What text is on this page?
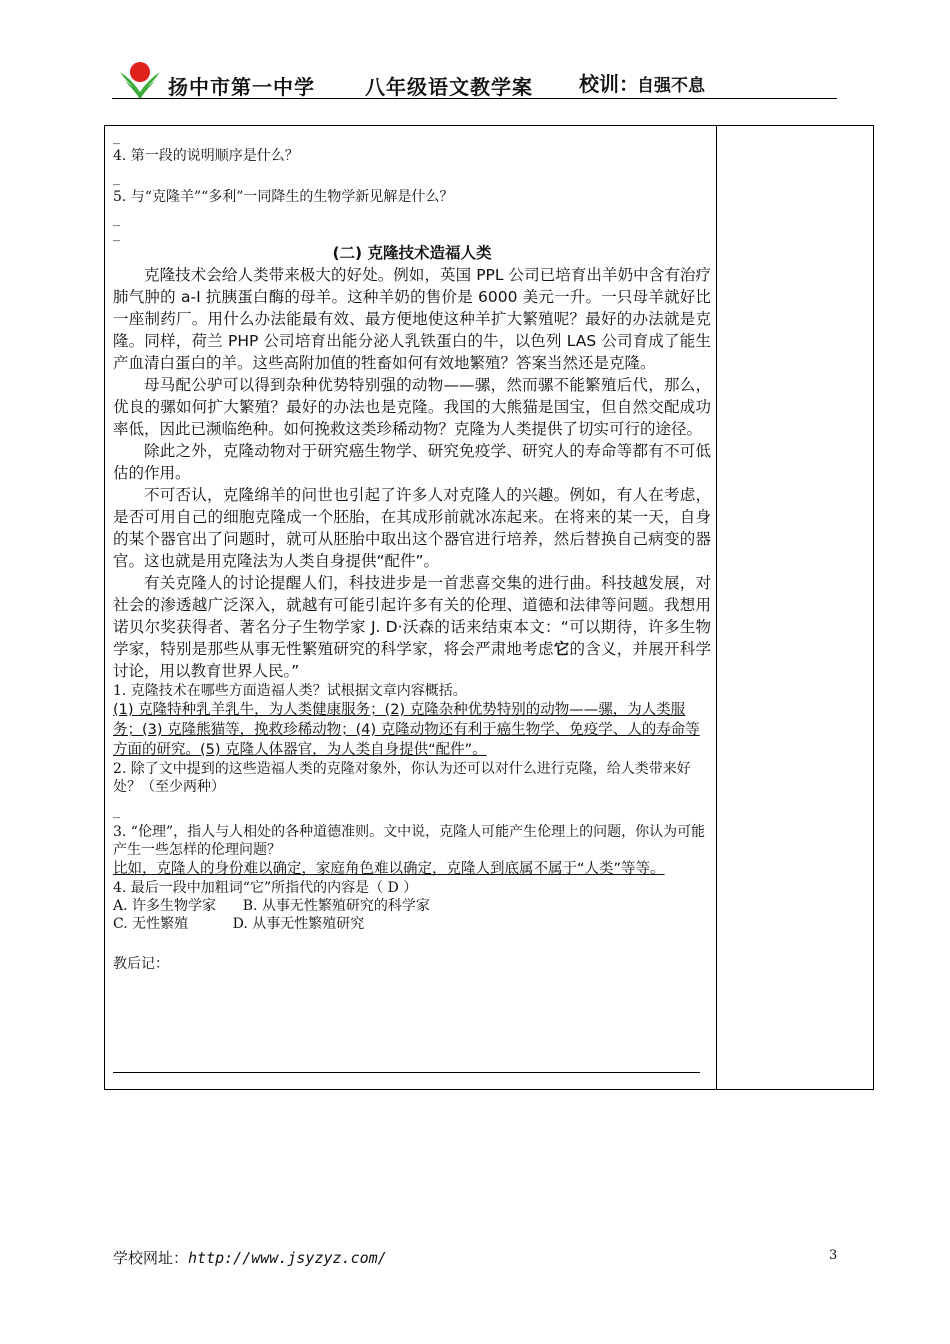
扬中市第一中学	八年级语文教学案 校训：
自强不息
_
4. 第一段的说明顺序是什么？
_
5. 与“克隆羊”“多利”一同降生的生物学新见解是什么？
_
_
(二) 克隆技术造福人类

克隆技术会给人类带来极大的好处。例如，英国 PPL 公司已培育出羊奶中含有治疗肺气肿的 a-I 抗胰蛋白酶的母羊。这种羊奶的售价是 6000 美元一升。一只母羊就好比一座制药厂。用什么办法能最有效、最方便地使这种羊扩大繁殖呢？最好的办法就是克隆。同样，荷兰 PHP 公司培育出能分泌人乳铁蛋白的牛，以色列 LAS 公司育成了能生产血清白蛋白的羊。这些高附加值的牲畜如何有效地繁殖？答案当然还是克隆。

母马配公驴可以得到杂种优势特别强的动物——骡，然而骡不能繁殖后代，那么，优良的骡如何扩大繁殖？最好的办法也是克隆。我国的大熊猫是国宝，但自然交配成功率低，因此已濒临绝种。如何挽救这类珍稀动物？克隆为人类提供了切实可行的途径。

除此之外，克隆动物对于研究癌生物学、研究免疫学、研究人的寿命等都有不可低估的作用。

不可否认，克隆绵羊的问世也引起了许多人对克隆人的兴趣。例如，有人在考虑，是否可用自己的细胞克隆成一个胚胎，在其成形前就冰冻起来。在将来的某一天，自身的某个器官出了问题时，就可从胚胎中取出这个器官进行培养，然后替换自己病变的器官。这也就是用克隆法为人类自身提供“配件”。

有关克隆人的讨论提醒人们，科技进步是一首悲喜交集的进行曲。科技越发展，对社会的渗透越广泛深入，就越有可能引起许多有关的伦理、道德和法律等问题。我想用诺贝尔奖获得者、著名分子生物学家 J. D·沃森的话来结束本文：“可以期待，许多生物学家，特别是那些从事无性繁殖研究的科学家，将会严肃地考虑它的含义，并展开科学讨论，用以教育世界人民。”

1. 克隆技术在哪些方面造福人类？试根据文章内容概括。

(1) 克隆特种乳羊乳牛，为人类健康服务；(2) 克隆杂种优势特别的动物——骡，为人类服务；(3) 克隆熊猫等，挽救珍稀动物；(4) 克隆动物还有利于癌生物学、免疫学、人的寿命等方面的研究。(5) 克隆人体器官，为人类自身提供“配件”。

2. 除了文中提到的这些造福人类的克隆对象外，你认为还可以对什么进行克隆，给人类带来好处？（至少两种）
_
3. “伦理”，指人与人相处的各种道德准则。文中说，克隆人可能产生伦理上的问题，你认为可能产生一些怎样的伦理问题？

比如，克隆人的身份难以确定，家庭角色难以确定，克隆人到底属不属于“人类”等等。

4. 最后一段中加粗词“它”所指代的内容是（ D ）

A. 许多生物学家      B. 从事无性繁殖研究的科学家

C. 无性繁殖          D. 从事无性繁殖研究

教后记：
学校网址：http://www.jsyzyz.com/	3
